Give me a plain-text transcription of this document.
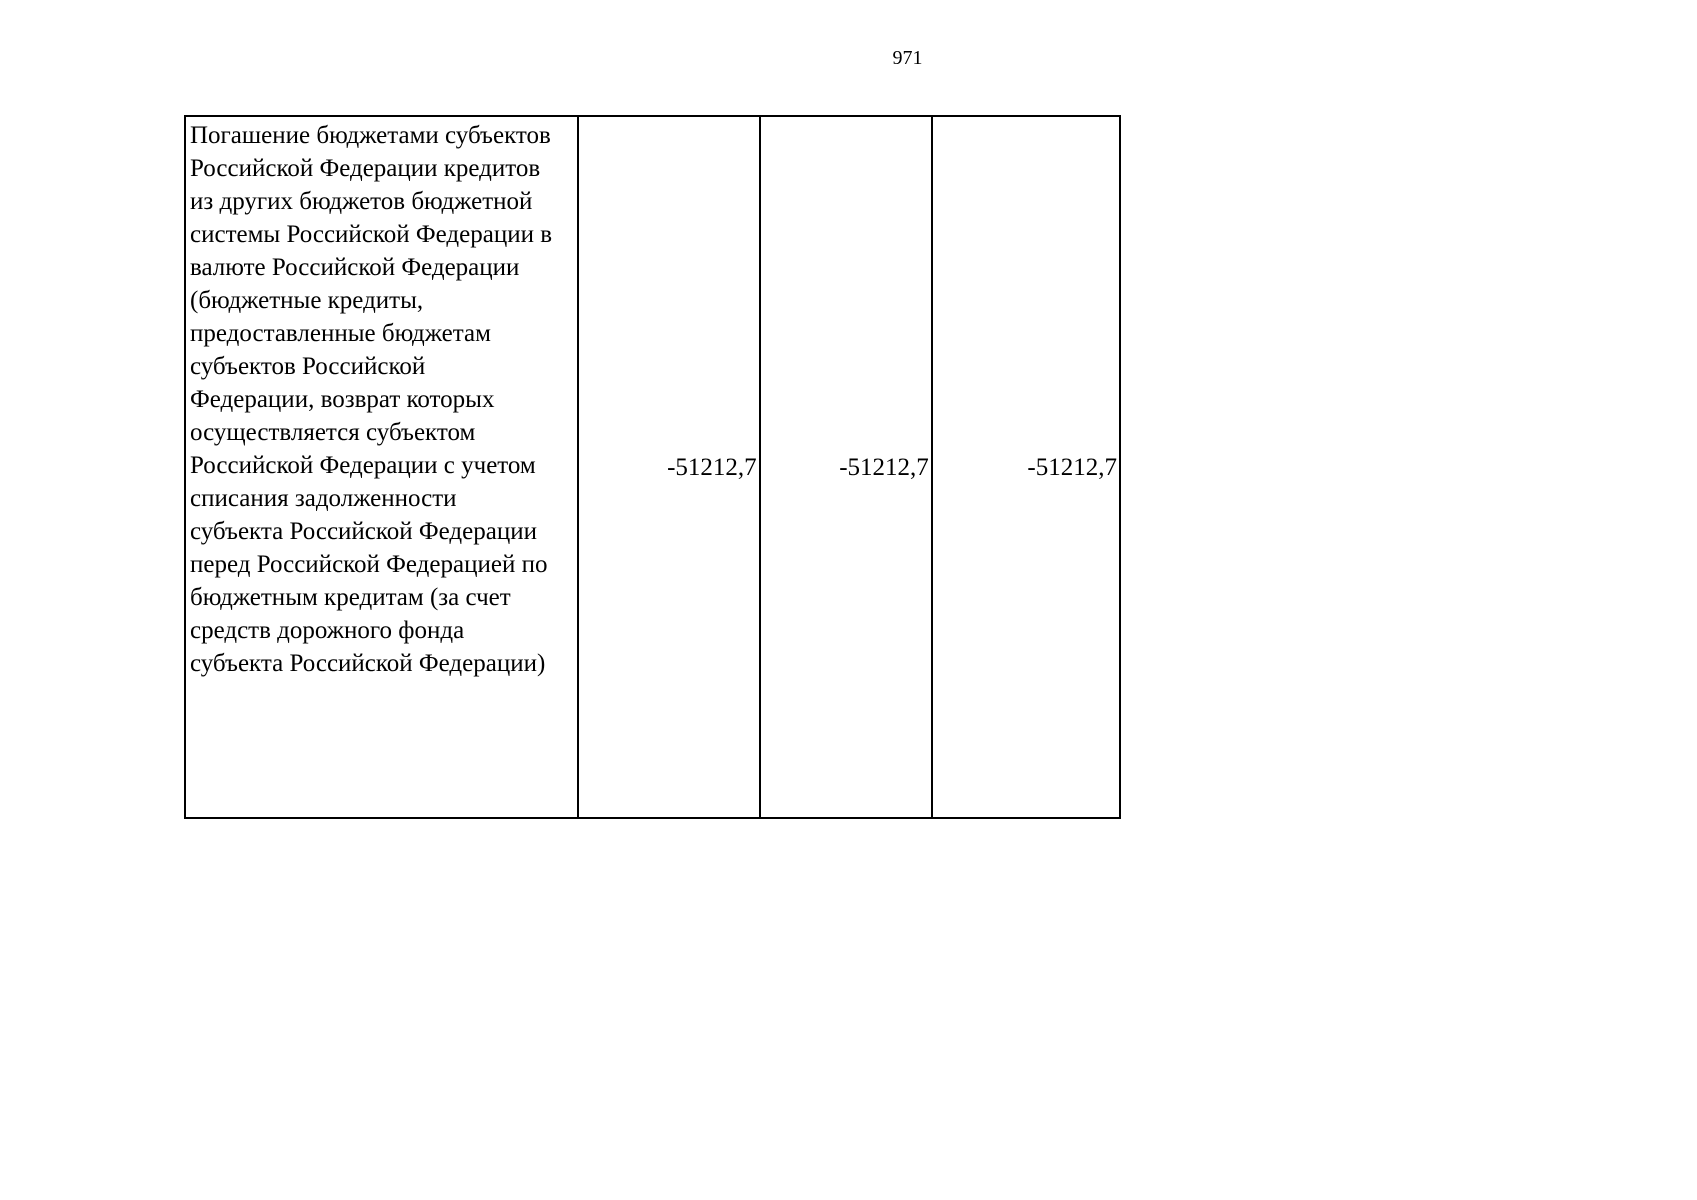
971
Погашение бюджетами субъектов
Российской Федерации кредитов
из других бюджетов бюджетной
системы Российской Федерации в
валюте Российской Федерации
(бюджетные кредиты,
предоставленные бюджетам
субъектов Российской
Федерации, возврат которых
осуществляется субъектом
Российской Федерации с учетом
списания задолженности
субъекта Российской Федерации
перед Российской Федерацией по
бюджетным кредитам (за счет
средств дорожного фонда
субъекта Российской Федерации)	-51212,7	-51212,7	-51212,7
